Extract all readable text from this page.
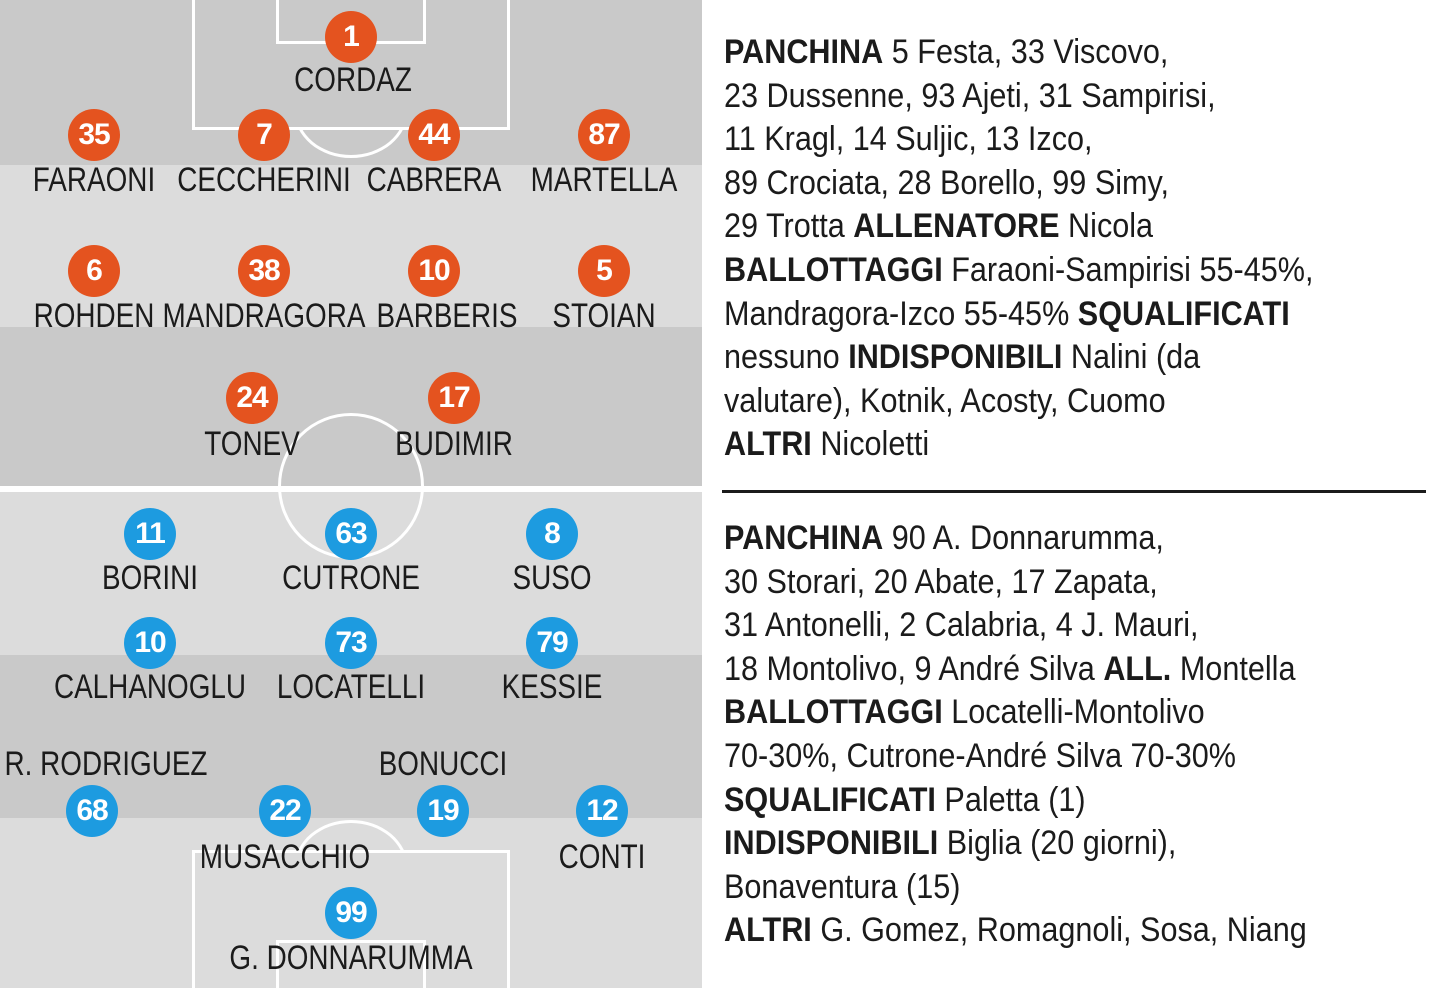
1
CORDAZ
35
FARAONI
7
CECCHERINI
44
CABRERA
87
MARTELLA
6
ROHDEN
38
MANDRAGORA
10
BARBERIS
5
STOIAN
24
TONEV
17
BUDIMIR
11
BORINI
63
CUTRONE
8
SUSO
10
CALHANOGLU
73
LOCATELLI
79
KESSIE
R. RODRIGUEZ
68	22
MUSACCHIO
BONUCCI
19	12
CONTI
99
G. DONNARUMMA

PANCHINA 5 Festa, 33 Viscovo,
23 Dussenne, 93 Ajeti, 31 Sampirisi,
11 Kragl, 14 Suljic, 13 Izco,
89 Crociata, 28 Borello, 99 Simy,
29 Trotta ALLENATORE Nicola
BALLOTTAGGI Faraoni-Sampirisi 55-45%,
Mandragora-Izco 55-45% SQUALIFICATI
nessuno INDISPONIBILI Nalini (da
valutare), Kotnik, Acosty, Cuomo
ALTRI Nicoletti

PANCHINA 90 A. Donnarumma,
30 Storari, 20 Abate, 17 Zapata,
31 Antonelli, 2 Calabria, 4 J. Mauri,
18 Montolivo, 9 André Silva ALL. Montella
BALLOTTAGGI Locatelli-Montolivo
70-30%, Cutrone-André Silva 70-30%
SQUALIFICATI Paletta (1)
INDISPONIBILI Biglia (20 giorni),
Bonaventura (15)
ALTRI G. Gomez, Romagnoli, Sosa, Niang
